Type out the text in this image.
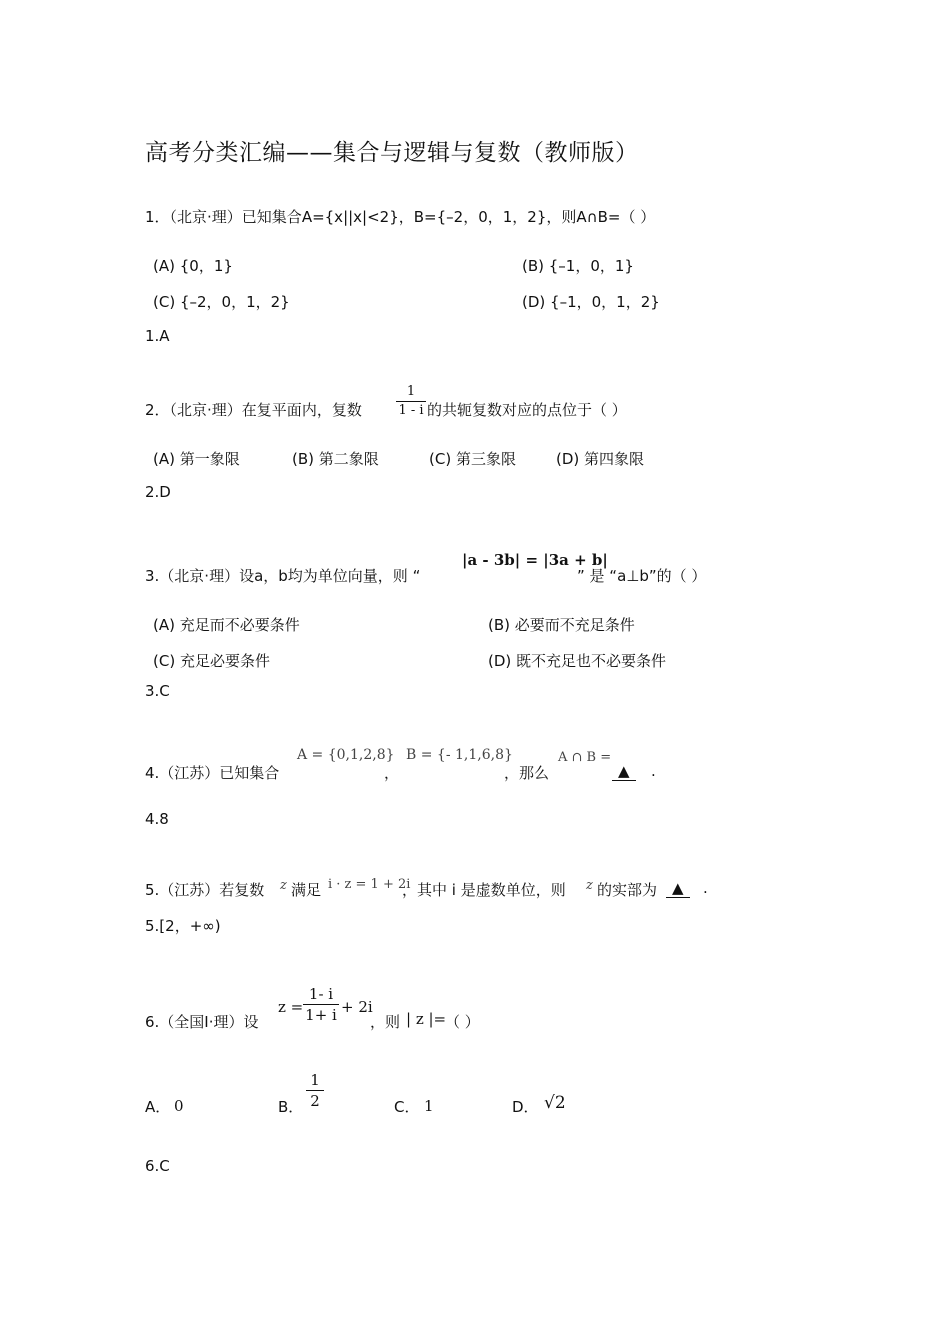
高考分类汇编——集合与逻辑与复数（教师版）
1．（北京·理）已知集合A={x||x|<2}，B={–2，0，1，2}，则A∩B=（ ）
(A) {0，1}	(B) {–1，0，1}
(C) {–2，0，1，2}	(D) {–1，0，1，2}
1.A
2．（北京·理）在复平面内，复数
1
1 - i 的共轭复数对应的点位于（ ）
(A) 第一象限	(B) 第二象限	(C) 第三象限	(D) 第四象限
2.D
3.（北京·理）设a，b均为单位向量，则 “
|a - 3b| = |3a + b|
” 是 “a⊥b”的（ ）
(A) 充足而不必要条件	(B) 必要而不充足条件
(C) 充足必要条件	(D) 既不充足也不必要条件
3.C
4.（江苏）已知集合
A = {0,1,2,8}
，
B = {- 1,1,6,8}
，那么
A ∩ B =
▲	.
4.8
5.（江苏）若复数 z 满足 i · z = 1 + 2i
，其中 i 是虚数单位，则 z 的实部为 ▲	.
5.[2，+∞)
6.（全国Ⅰ·理）设
z =
1- i
1+ i + 2i
，则 | z |=
（ ）
A． 0	B．
1
2	C． 1	D． √2
6.C
